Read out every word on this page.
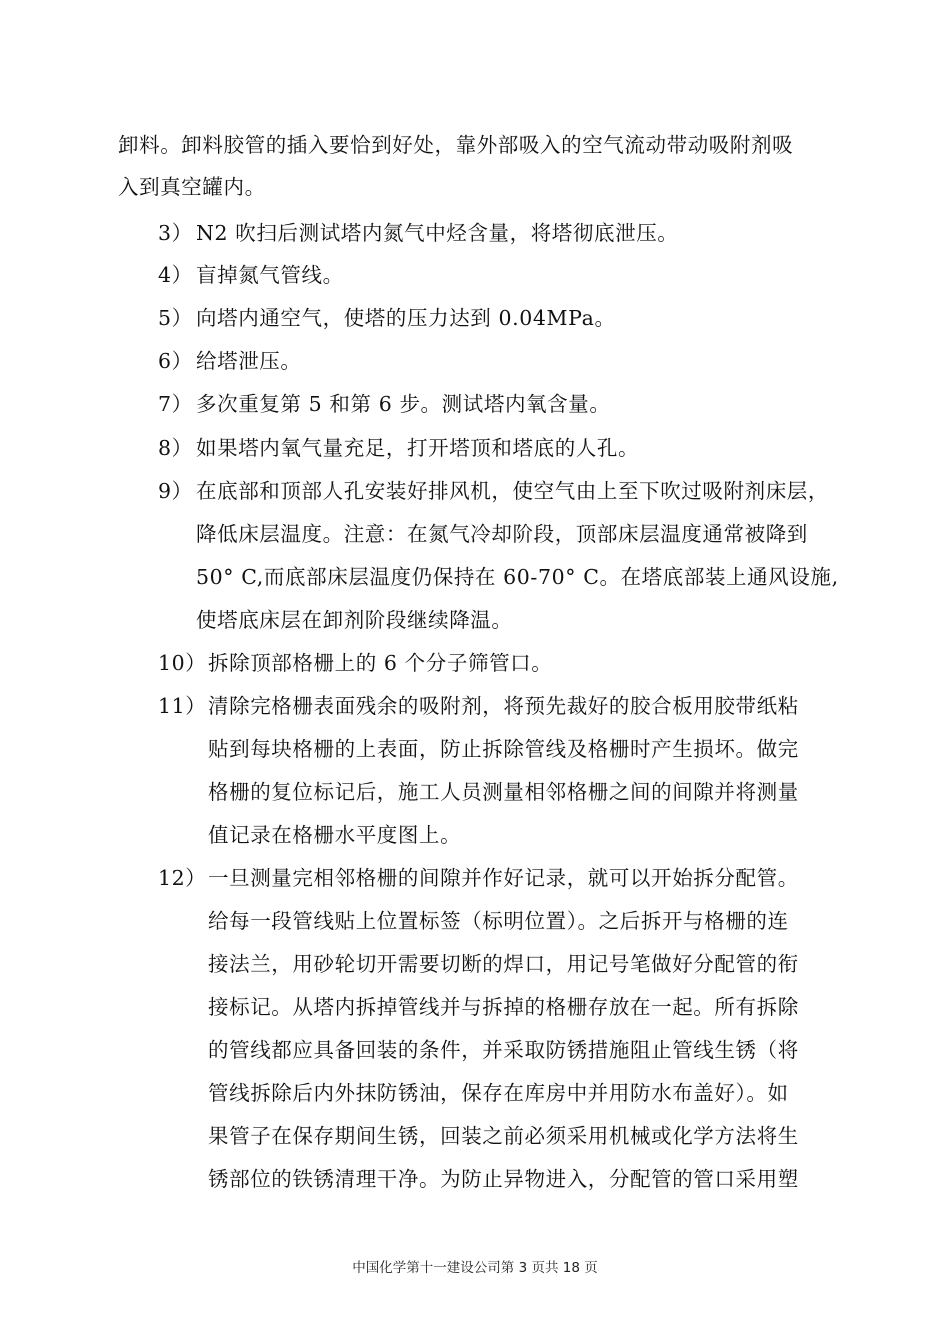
卸料。卸料胶管的插入要恰到好处，靠外部吸入的空气流动带动吸附剂吸
入到真空罐内。
3） N2 吹扫后测试塔内氮气中烃含量，将塔彻底泄压。
4） 盲掉氮气管线。
5） 向塔内通空气，使塔的压力达到 0.04MPa。
6） 给塔泄压。
7） 多次重复第 5 和第 6 步。测试塔内氧含量。
8） 如果塔内氧气量充足，打开塔顶和塔底的人孔。
9） 在底部和顶部人孔安装好排风机，使空气由上至下吹过吸附剂床层，
降低床层温度。注意：在氮气冷却阶段，顶部床层温度通常被降到
50° C,而底部床层温度仍保持在 60-70° C。在塔底部装上通风设施,
使塔底床层在卸剂阶段继续降温。
10） 拆除顶部格栅上的 6 个分子筛管口。
11） 清除完格栅表面残余的吸附剂，将预先裁好的胶合板用胶带纸粘
贴到每块格栅的上表面，防止拆除管线及格栅时产生损坏。做完
格栅的复位标记后，施工人员测量相邻格栅之间的间隙并将测量
值记录在格栅水平度图上。
12） 一旦测量完相邻格栅的间隙并作好记录，就可以开始拆分配管。
给每一段管线贴上位置标签（标明位置）。之后拆开与格栅的连
接法兰，用砂轮切开需要切断的焊口，用记号笔做好分配管的衔
接标记。从塔内拆掉管线并与拆掉的格栅存放在一起。所有拆除
的管线都应具备回装的条件，并采取防锈措施阻止管线生锈（将
管线拆除后内外抹防锈油，保存在库房中并用防水布盖好）。如
果管子在保存期间生锈，回装之前必须采用机械或化学方法将生
锈部位的铁锈清理干净。为防止异物进入，分配管的管口采用塑
中国化学第十一建设公司第 3 页共 18 页
